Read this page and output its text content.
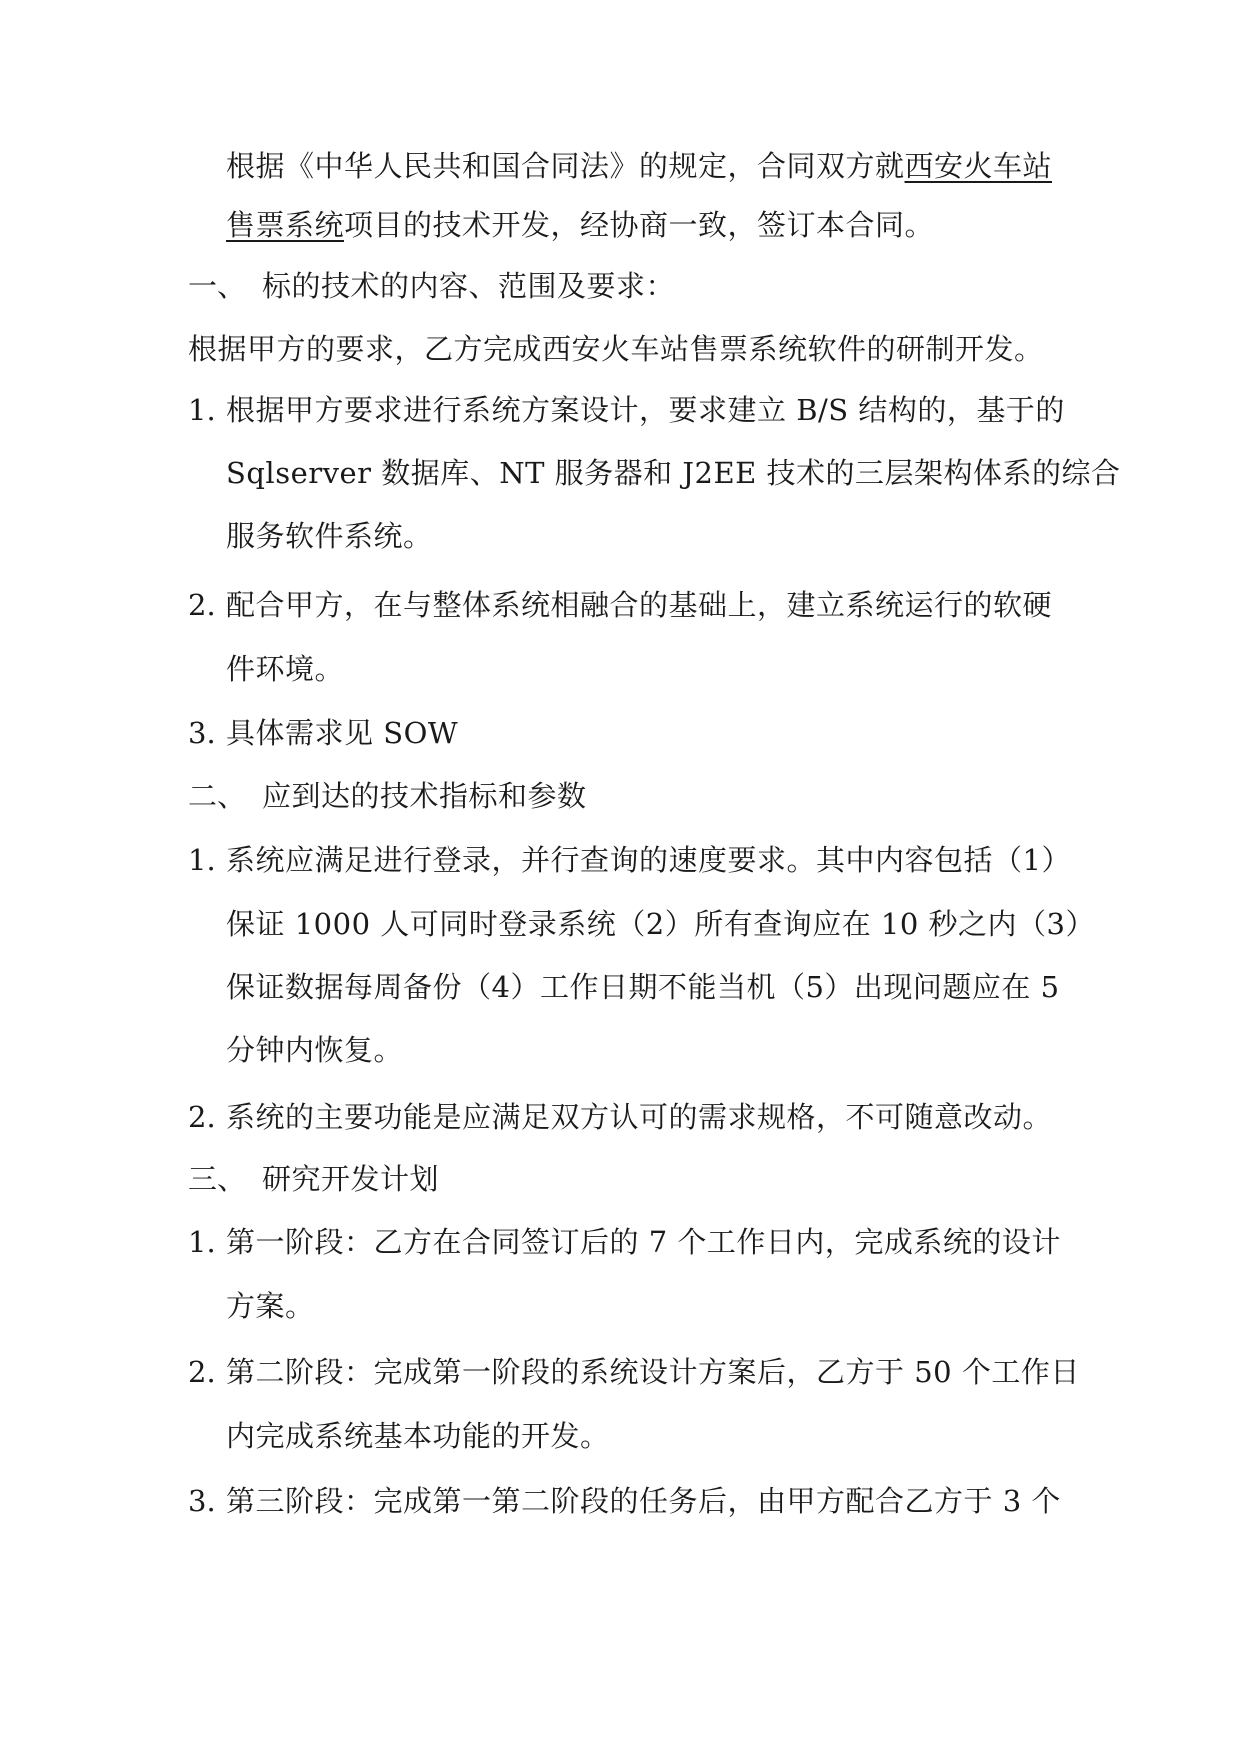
根据《中华人民共和国合同法》的规定，合同双方就西安火车站
售票系统项目的技术开发，经协商一致，签订本合同。
一、 标的技术的内容、范围及要求：
根据甲方的要求，乙方完成西安火车站售票系统软件的研制开发。
1. 根据甲方要求进行系统方案设计，要求建立 B/S 结构的，基于的
Sqlserver 数据库、NT 服务器和 J2EE 技术的三层架构体系的综合
服务软件系统。
2. 配合甲方，在与整体系统相融合的基础上，建立系统运行的软硬
件环境。
3. 具体需求见 SOW
二、 应到达的技术指标和参数
1. 系统应满足进行登录，并行查询的速度要求。其中内容包括（1）
保证 1000 人可同时登录系统（2）所有查询应在 10 秒之内（3）
保证数据每周备份（4）工作日期不能当机（5）出现问题应在 5
分钟内恢复。
2. 系统的主要功能是应满足双方认可的需求规格，不可随意改动。
三、 研究开发计划
1. 第一阶段：乙方在合同签订后的 7 个工作日内，完成系统的设计
方案。
2. 第二阶段：完成第一阶段的系统设计方案后，乙方于 50 个工作日
内完成系统基本功能的开发。
3. 第三阶段：完成第一第二阶段的任务后，由甲方配合乙方于 3 个
